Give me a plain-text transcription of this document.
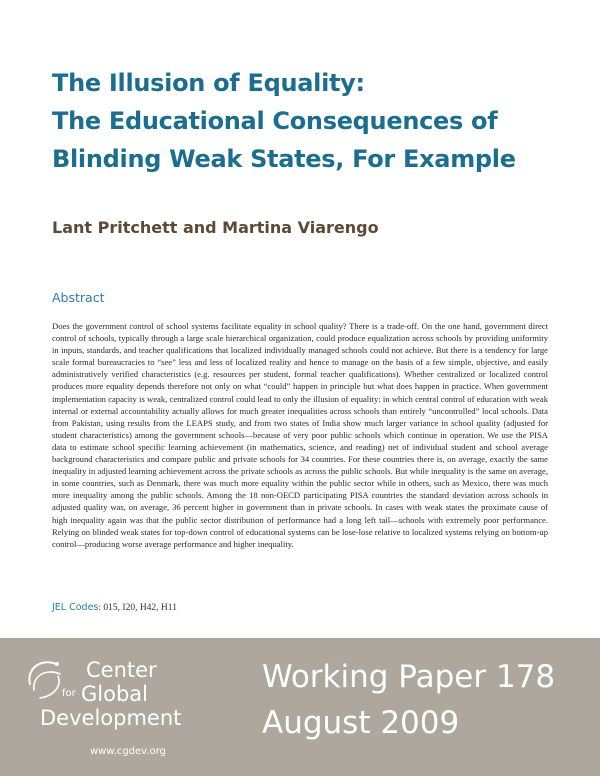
The Illusion of Equality:
The Educational Consequences of
Blinding Weak States, For Example
Lant Pritchett and Martina Viarengo
Abstract
Does the government control of school systems facilitate equality in school quality? There is a trade-off. On the one hand, government direct control of schools, typically through a large scale hierarchical organization, could produce equalization across schools by providing uniformity in inputs, standards, and teacher qualifications that localized individually managed schools could not achieve. But there is a tendency for large scale formal bureaucracies to “see” less and less of localized reality and hence to manage on the basis of a few simple, objective, and easily administratively verified characteristics (e.g. resources per student, formal teacher qualifications). Whether centralized or localized control produces more equality depends therefore not only on what “could” happen in principle but what does happen in practice. When government implementation capacity is weak, centralized control could lead to only the illusion of equality: in which central control of education with weak internal or external accountability actually allows for much greater inequalities across schools than entirely “uncontrolled” local schools. Data from Pakistan, using results from the LEAPS study, and from two states of India show much larger variance in school quality (adjusted for student characteristics) among the government schools—because of very poor public schools which continue in operation. We use the PISA data to estimate school specific learning achievement (in mathematics, science, and reading) net of individual student and school average background characteristics and compare public and private schools for 34 countries. For these countries there is, on average, exactly the same inequality in adjusted learning achievement across the private schools as across the public schools. But while inequality is the same on average, in some countries, such as Denmark, there was much more equality within the public sector while in others, such as Mexico, there was much more inequality among the public schools. Among the 18 non-OECD participating PISA countries the standard deviation across schools in adjusted quality was, on average, 36 percent higher in government than in private schools. In cases with weak states the proximate cause of high inequality again was that the public sector distribution of performance had a long left tail—schools with extremely poor performance. Relying on blinded weak states for top-down control of educational systems can be lose-lose relative to localized systems relying on bottom-up control—producing worse average performance and higher inequality.
JEL Codes: 015, I20, H42, H11
Center
for Global
Development
www.cgdev.org
Working Paper 178
August 2009
